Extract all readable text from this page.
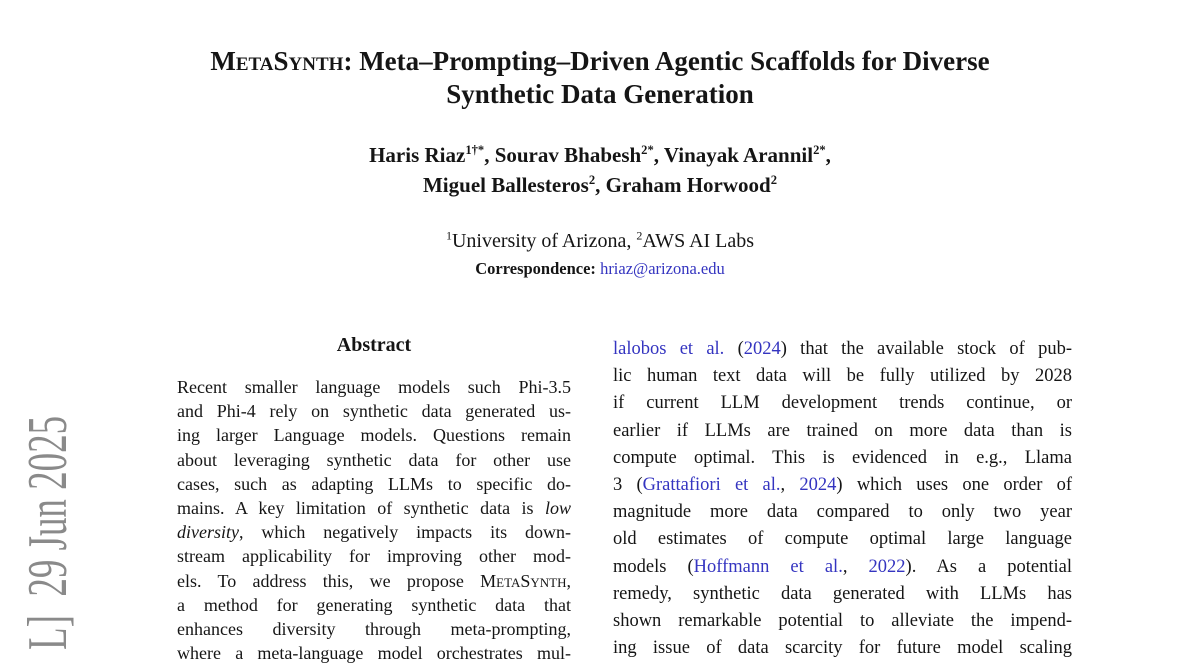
L]  29 Jun 2025
MetaSynth: Meta–Prompting–Driven Agentic Scaffolds for Diverse
Synthetic Data Generation
Haris Riaz$^{1\dagger*}$, Sourav Bhabesh$^{2*}$, Vinayak Arannil$^{2*}$,
Miguel Ballesteros$^2$, Graham Horwood$^2$
$^1$University of Arizona, $^2$AWS AI Labs
Correspondence: hriaz@arizona.edu
Abstract
Recent smaller language models such Phi-3.5
and Phi-4 rely on synthetic data generated us-
ing larger Language models. Questions remain
about leveraging synthetic data for other use
cases, such as adapting LLMs to specific do-
mains. A key limitation of synthetic data is low
diversity, which negatively impacts its down-
stream applicability for improving other mod-
els. To address this, we propose MetaSynth,
a method for generating synthetic data that
enhances diversity through meta-prompting,
where a meta-language model orchestrates mul-
lalobos et al. (2024) that the available stock of pub-
lic human text data will be fully utilized by 2028
if current LLM development trends continue, or
earlier if LLMs are trained on more data than is
compute optimal. This is evidenced in e.g., Llama
3 (Grattafiori et al., 2024) which uses one order of
magnitude more data compared to only two year
old estimates of compute optimal large language
models (Hoffmann et al., 2022). As a potential
remedy, synthetic data generated with LLMs has
shown remarkable potential to alleviate the impend-
ing issue of data scarcity for future model scaling
